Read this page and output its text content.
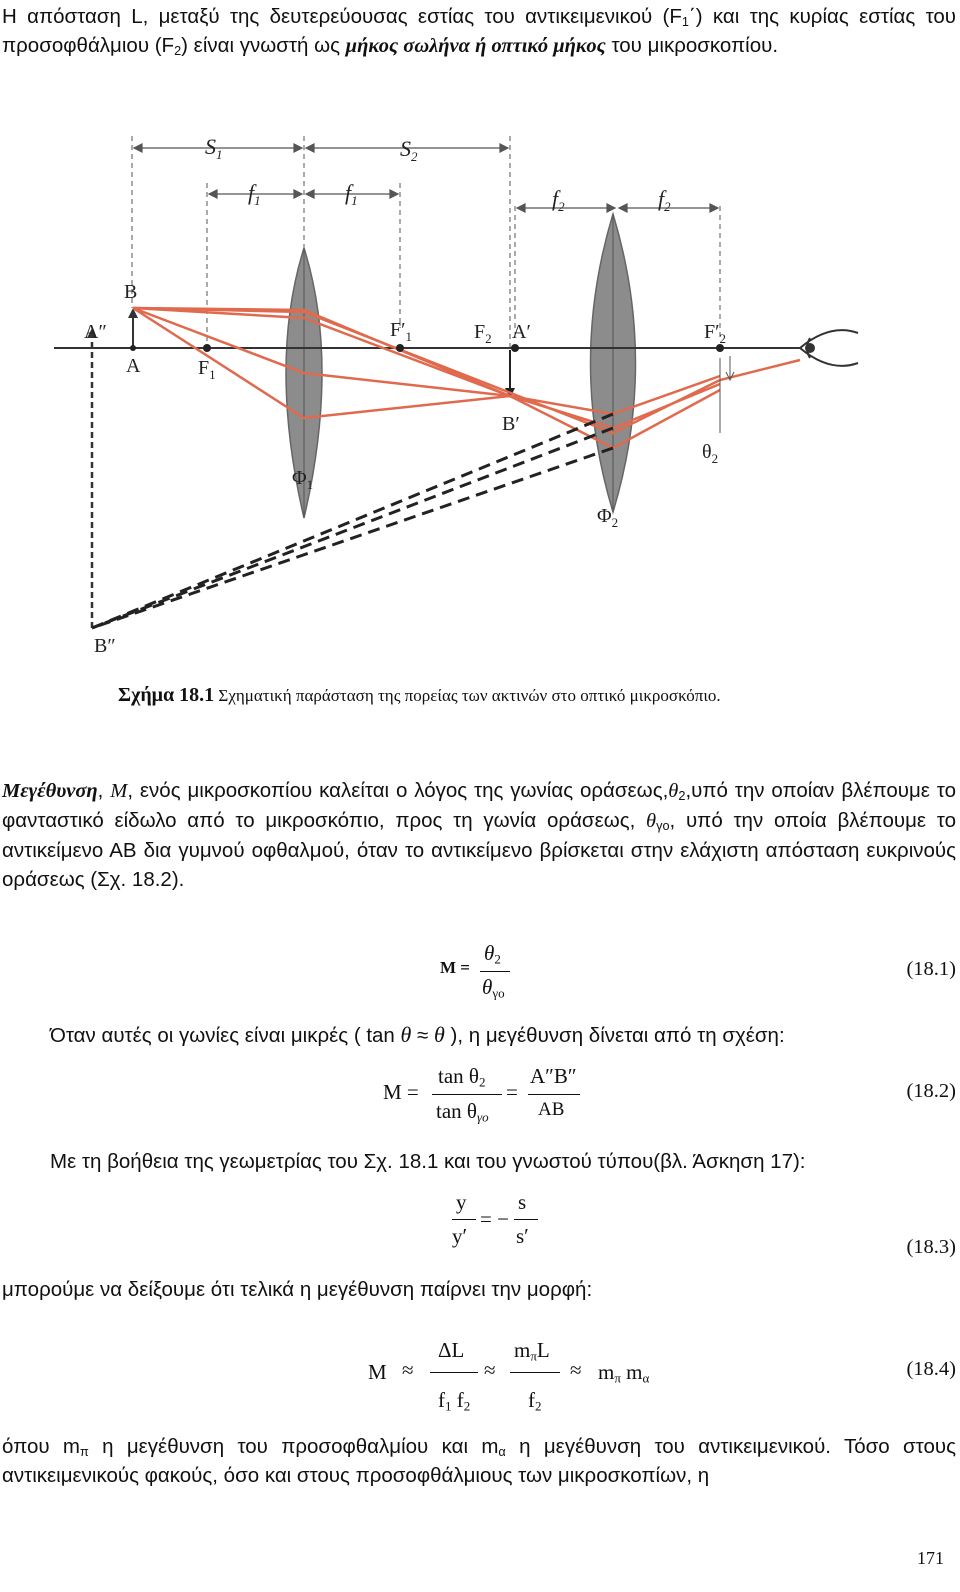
Η απόσταση L, μεταξύ της δευτερεύουσας εστίας του αντικειμενικού $(F_1΄)$ και της κυρίας εστίας του προσοφθάλμιου $(F_2)$ είναι γνωστή ως μήκος σωλήνα ή οπτικό μήκος του μικροσκοπίου.
$S_1$	$S_2$
$f_1$	$f_1$	$f_2$	$f_2$
B
A
A″
$F_1$
$F'_1$	$F_2$ A′	$F'_2$
B′
$\Phi_1$
$\Phi_2$
$\theta_2$
B″
Σχήμα 18.1 Σχηματική παράσταση της πορείας των ακτινών στο οπτικό μικροσκόπιο.
Μεγέθυνση, M, ενός μικροσκοπίου καλείται ο λόγος της γωνίας $o\rho ά\sigma\varepsilon\omega\varsigma,\theta_2,\upsilon\pi ό$ την οποίαν βλέπουμε το φανταστικό είδωλο από το μικροσκόπιο, προς τη γωνία οράσεως, $\theta_{\gamma o}$, υπό την οποία βλέπουμε το αντικείμενο ΑΒ δια γυμνού οφθαλμού, όταν το αντικείμενο βρίσκεται στην ελάχιστη απόσταση ευκρινούς οράσεως (Σχ. 18.2).
M =
$\theta_2$
$\theta_{\gamma o}$
(18.1)
Όταν αυτές οι γωνίες είναι μικρές ( tan θ ≈ θ ), η μεγέθυνση δίνεται από τη σχέση:
M =
$\tan \theta_2$
$\tan \theta_{\gamma o}$
=
A″B″
AB
(18.2)
Με τη βοήθεια της γεωμετρίας του Σχ. 18.1 και του γνωστού τύπου(βλ. Άσκηση 17):
y
y′
= −
s
s′	(18.3)
μπορούμε να δείξουμε ότι τελικά η μεγέθυνση παίρνει την μορφή:
M ≈
ΔL
$f_1$ $f_2$
≈
$m_\pi L$
$f_2$
≈ $m_\pi$ $m_\alpha$	(18.4)
όπου $m_\pi$ η μεγέθυνση του προσοφθαλμίου και $m_\alpha$ η μεγέθυνση του αντικειμενικού. Τόσο στους αντικειμενικούς φακούς, όσο και στους προσοφθάλμιους των μικροσκοπίων, η
171
